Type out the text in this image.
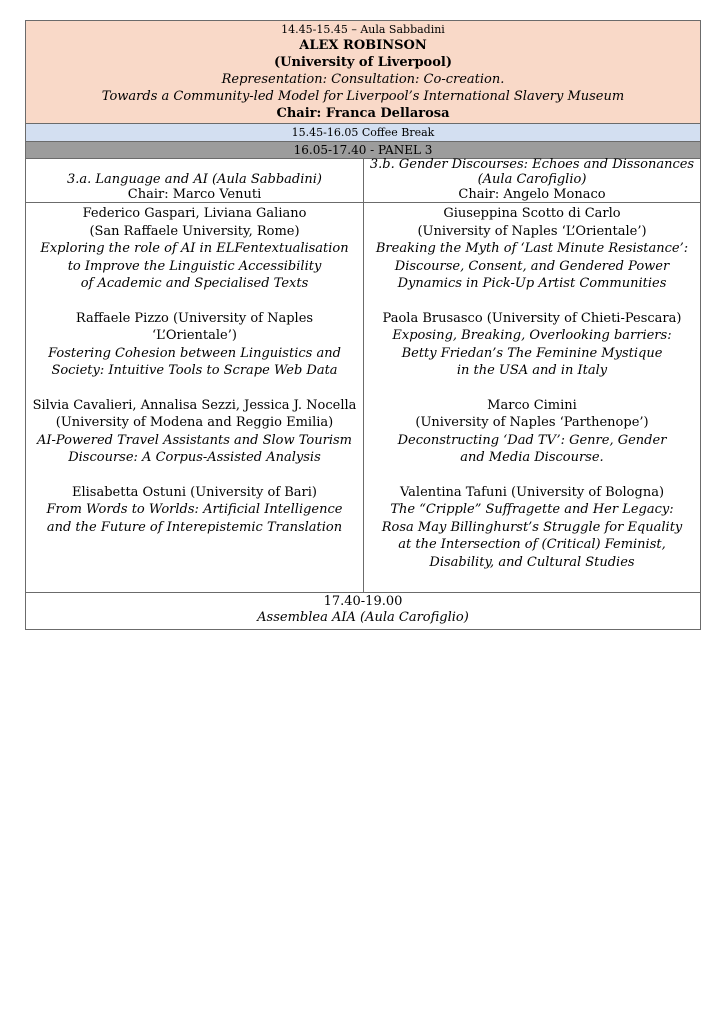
14.45-15.45 – Aula Sabbadini
ALEX ROBINSON
(University of Liverpool)
Representation: Consultation: Co-creation.
Towards a Community-led Model for Liverpool’s International Slavery Museum
Chair: Franca Dellarosa
15.45-16.05 Coffee Break
16.05-17.40 - PANEL 3
3.a. Language and AI (Aula Sabbadini)
Chair: Marco Venuti
Federico Gaspari, Liviana Galiano
(San Raffaele University, Rome)
Exploring the role of AI in ELFentextualisation
to Improve the Linguistic Accessibility
of Academic and Specialised Texts
Raffaele Pizzo (University of Naples
‘L’Orientale’)
Fostering Cohesion between Linguistics and
Society: Intuitive Tools to Scrape Web Data
Silvia Cavalieri, Annalisa Sezzi, Jessica J. Nocella
(University of Modena and Reggio Emilia)
AI-Powered Travel Assistants and Slow Tourism
Discourse: A Corpus-Assisted Analysis
Elisabetta Ostuni (University of Bari)
From Words to Worlds: Artificial Intelligence
and the Future of Interepistemic Translation
3.b. Gender Discourses: Echoes and Dissonances
(Aula Carofiglio)
Chair: Angelo Monaco
Giuseppina Scotto di Carlo
(University of Naples ‘L’Orientale’)
Breaking the Myth of ‘Last Minute Resistance’:
Discourse, Consent, and Gendered Power
Dynamics in Pick-Up Artist Communities
Paola Brusasco (University of Chieti-Pescara)
Exposing, Breaking, Overlooking barriers:
Betty Friedan’s The Feminine Mystique
in the USA and in Italy
Marco Cimini
(University of Naples ‘Parthenope’)
Deconstructing ‘Dad TV’: Genre, Gender
and Media Discourse.
Valentina Tafuni (University of Bologna)
The “Cripple” Suffragette and Her Legacy:
Rosa May Billinghurst’s Struggle for Equality
at the Intersection of (Critical) Feminist,
Disability, and Cultural Studies
17.40-19.00
Assemblea AIA (Aula Carofiglio)
